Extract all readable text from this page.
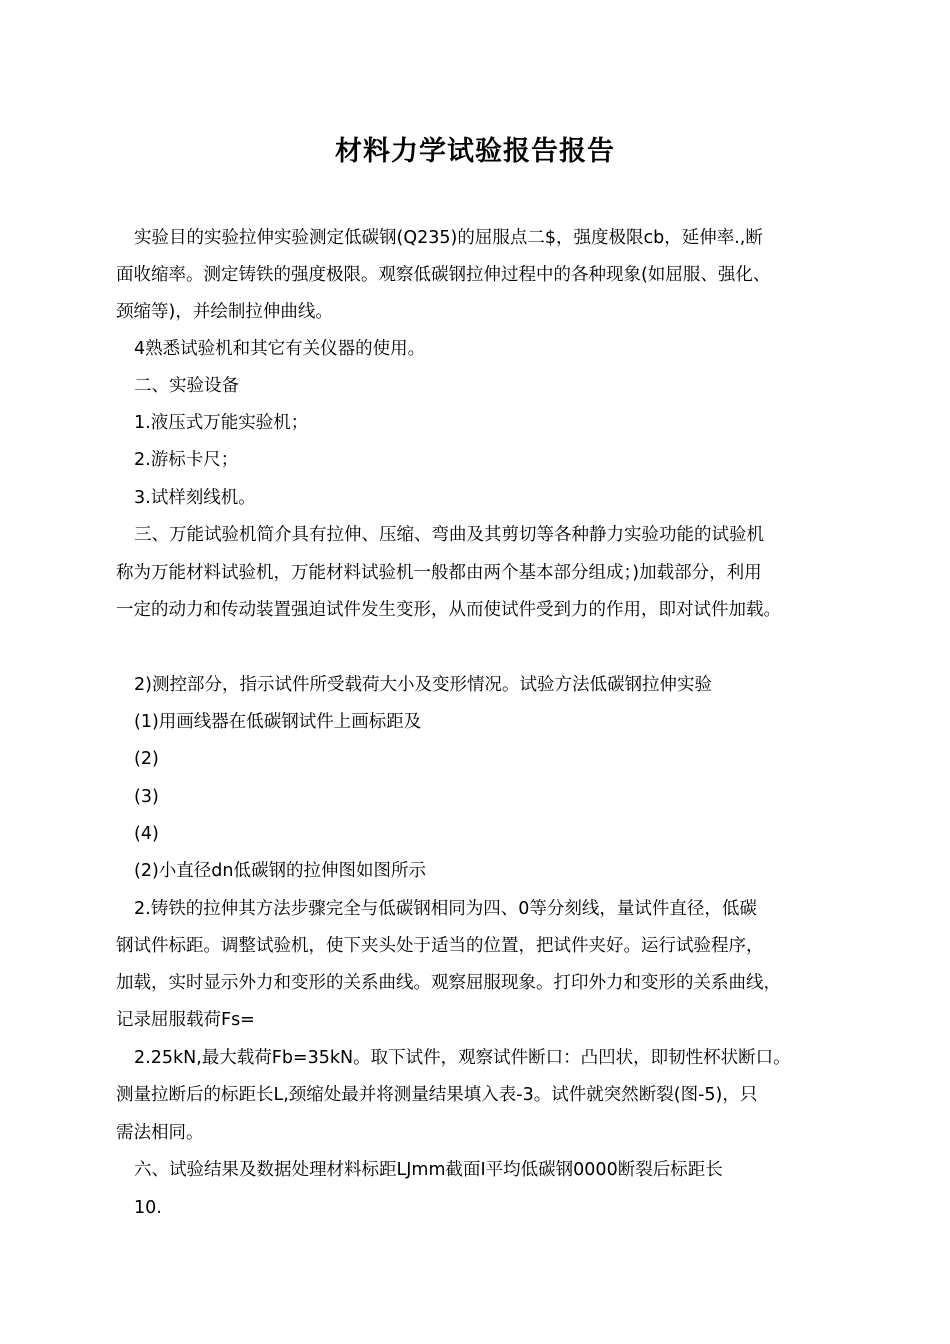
材料力学试验报告报告
实验目的实验拉伸实验测定低碳钢(Q235)的屈服点二$，强度极限cb，延伸率.,断
面收缩率。测定铸铁的强度极限。观察低碳钢拉伸过程中的各种现象(如屈服、强化、
颈缩等)，并绘制拉伸曲线。
4熟悉试验机和其它有关仪器的使用。
二、实验设备
1.液压式万能实验机；
2.游标卡尺；
3.试样刻线机。
三、万能试验机简介具有拉伸、压缩、弯曲及其剪切等各种静力实验功能的试验机
称为万能材料试验机，万能材料试验机一般都由两个基本部分组成；)加载部分，利用
一定的动力和传动装置强迫试件发生变形，从而使试件受到力的作用，即对试件加载。
2)测控部分，指示试件所受载荷大小及变形情况。试验方法低碳钢拉伸实验
(1)用画线器在低碳钢试件上画标距及
(2)
(3)
(4)
(2)小直径dn低碳钢的拉伸图如图所示
2.铸铁的拉伸其方法步骤完全与低碳钢相同为四、0等分刻线，量试件直径，低碳
钢试件标距。调整试验机，使下夹头处于适当的位置，把试件夹好。运行试验程序，
加载，实时显示外力和变形的关系曲线。观察屈服现象。打印外力和变形的关系曲线，
记录屈服载荷Fs=
2.25kN,最大载荷Fb=35kN。取下试件，观察试件断口：凸凹状，即韧性杯状断口。
测量拉断后的标距长L,颈缩处最并将测量结果填入表-3。试件就突然断裂(图-5)，只
需法相同。
六、试验结果及数据处理材料标距LJmm截面I平均低碳钢0000断裂后标距长
10.
